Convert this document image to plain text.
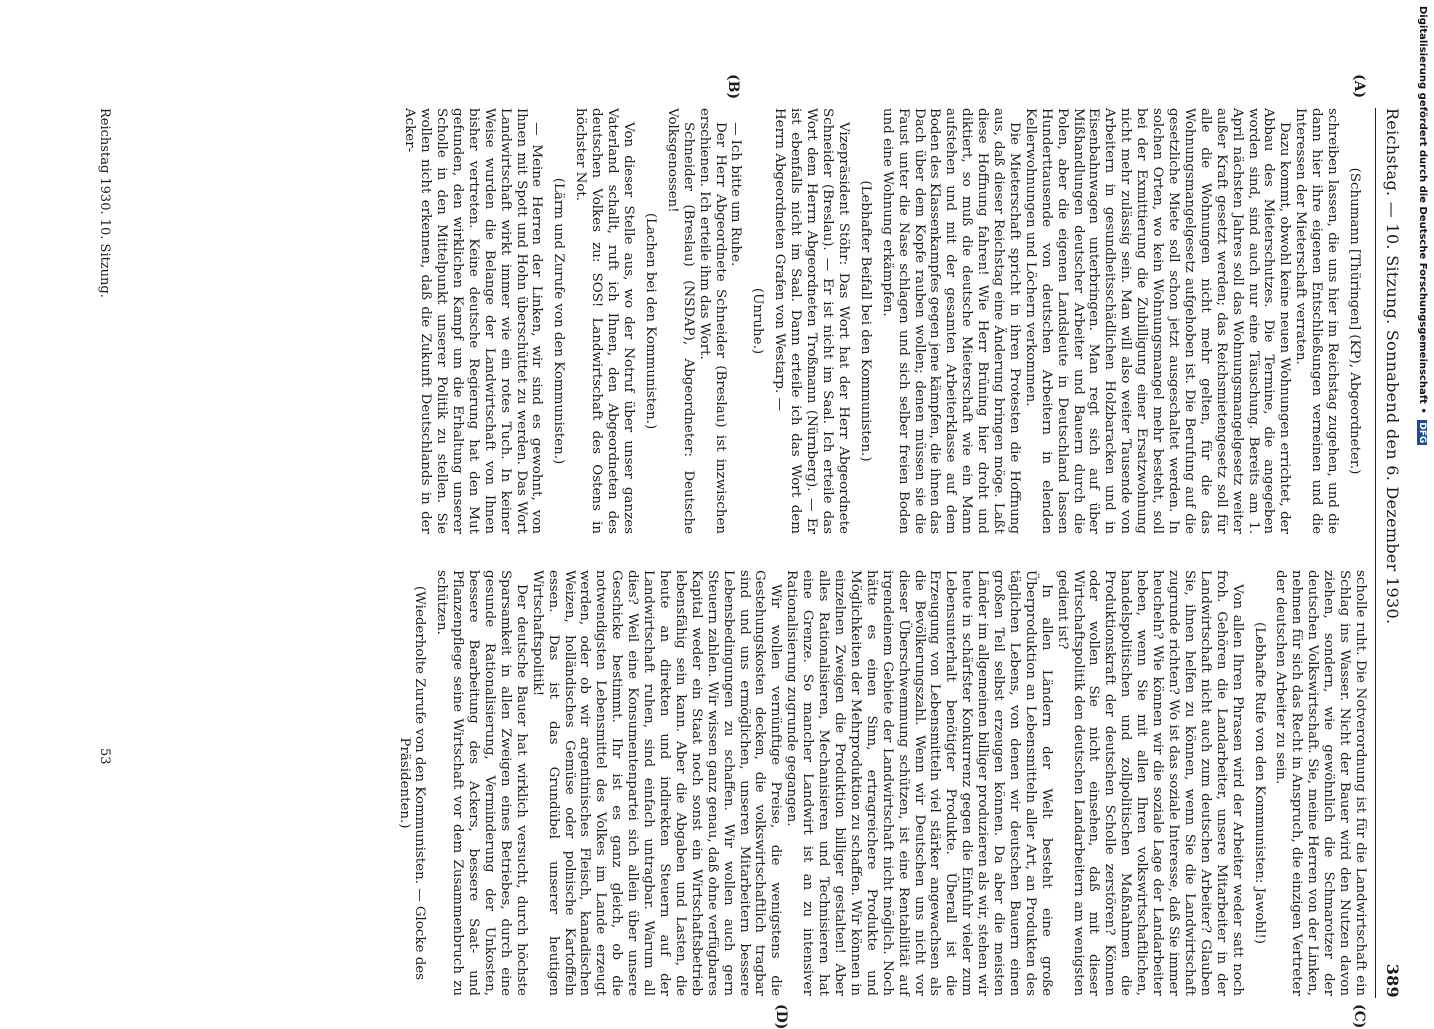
Reichstag. — 10. Sitzung. Sonnabend den 6. Dezember 1930.
389
(A)
(B)
(C)
(D)

(Schumann [Thüringen] (KP), Abgeordneter.)

schreiben lassen, die uns hier im Reichstag zugehen, und die dann hier ihre eigenen Entschließungen verneinen und die Interessen der Mieterschaft verraten.

Dazu kommt, obwohl keine neuen Wohnungen errichtet, der Abbau des Mieterschutzes. Die Termine, die angegeben worden sind, sind auch nur eine Täuschung. Bereits am 1. April nächsten Jahres soll das Wohnungsmangelgesetz weiter außer Kraft gesetzt werden; das Reichsmietengesetz soll für alle die Wohnungen nicht mehr gelten, für die das Wohnungsmangelgesetz aufgehoben ist. Die Berufung auf die gesetzliche Miete soll schon jetzt ausgeschaltet werden. In solchen Orten, wo kein Wohnungsmangel mehr besteht, soll bei der Exmittierung die Zubilligung einer Ersatzwohnung nicht mehr zulässig sein. Man will also weiter Tausende von Arbeitern in gesundheitsschädlichen Holzbaracken und in Eisenbahnwagen unterbringen. Man regt sich auf über Mißhandlungen deutscher Arbeiter und Bauern durch die Polen, aber die eigenen Landsleute in Deutschland lassen Hunderttausende von deutschen Arbeitern in elenden Kellerwohnungen und Löchern verkommen.

Die Mieterschaft spricht in ihren Protesten die Hoffnung aus, daß dieser Reichstag eine Änderung bringen möge. Laßt diese Hoffnung fahren! Wie Herr Brüning hier droht und diktiert, so muß die deutsche Mieterschaft wie ein Mann aufstehen und mit der gesamten Arbeiterklasse auf dem Boden des Klassenkampfes gegen jene kämpfen, die ihnen das Dach über dem Kopfe rauben wollen; denen müssen sie die Faust unter die Nase schlagen und sich selber freien Boden und eine Wohnung erkämpfen.

(Lebhafter Beifall bei den Kommunisten.)

Vizepräsident Stöhr: Das Wort hat der Herr Abgeordnete Schneider (Breslau). — Er ist nicht im Saal. Ich erteile das Wort dem Herrn Abgeordneten Troßmann (Nürnberg). — Er ist ebenfalls nicht im Saal. Dann erteile ich das Wort dem Herrn Abgeordneten Grafen von Westarp. —

(Unruhe.)

— Ich bitte um Ruhe.

Der Herr Abgeordnete Schneider (Breslau) ist inzwischen erschienen. Ich erteile ihm das Wort.

Schneider (Breslau) (NSDAP), Abgeordneter: Deutsche Volksgenossen!

(Lachen bei den Kommunisten.)

Von dieser Stelle aus, wo der Notruf über unser ganzes Vaterland schallt, ruft ich Ihnen, den Abgeordneten des deutschen Volkes zu: SOS! Landwirtschaft des Ostens in höchster Not.

(Lärm und Zurufe von den Kommunisten.)

— Meine Herren der Linken, wir sind es gewohnt, von Ihnen mit Spott und Hohn überschüttet zu werden. Das Wort Landwirtschaft wirkt immer wie ein rotes Tuch. In keiner Weise wurden die Belange der Landwirtschaft von Ihnen bisher vertreten. Keine deutsche Regierung hat den Mut gefunden, den wirklichen Kampf um die Erhaltung unserer Scholle in den Mittelpunkt unserer Politik zu stellen. Sie wollen nicht erkennen, daß die Zukunft Deutschlands in der Acker-

scholle ruht. Die Notverordnung ist für die Landwirtschaft ein Schlag ins Wasser. Nicht der Bauer wird den Nutzen davon ziehen, sondern, wie gewöhnlich die Schmarotzer der deutschen Volkswirtschaft. Sie, meine Herren von der Linken, nehmen für sich das Recht in Anspruch, die einzigen Vertreter der deutschen Arbeiter zu sein.

(Lebhafte Rufe von den Kommunisten: Jawohl!)

Von allen Ihren Phrasen wird der Arbeiter weder satt noch froh. Gehören die Landarbeiter, unsere Mitarbeiter in der Landwirtschaft nicht auch zum deutschen Arbeiter? Glauben Sie, ihnen helfen zu können, wenn Sie die Landwirtschaft zugrunde richten? Wo ist das soziale Interesse, daß Sie immer heucheln? Wie können wir die soziale Lage der Landarbeiter heben, wenn Sie mit allen Ihren volkswirtschaftlichen, handelspolitischen und zollpolitischen Maßnahmen die Produktionskraft der deutschen Scholle zerstören? Können oder wollen Sie nicht einsehen, daß mit dieser Wirtschaftspolitik den deutschen Landarbeitern am wenigsten gedient ist?

In allen Ländern der Welt besteht eine große Überproduktion an Lebensmitteln aller Art, an Produkten des täglichen Lebens, von denen wir deutschen Bauern einen großen Teil selbst erzeugen können. Da aber die meisten Länder im allgemeinen billiger produzieren als wir, stehen wir heute in schärfster Konkurrenz gegen die Einfuhr vieler zum Lebensunterhalt benötigter Produkte. Überall ist die Erzeugung von Lebensmitteln viel stärker angewachsen als die Bevölkerungszahl. Wenn wir Deutschen uns nicht vor dieser Überschwemmung schützen, ist eine Rentabilität auf irgendeinem Gebiete der Landwirtschaft nicht möglich. Noch hätte es einen Sinn, ertragreichere Produkte und Möglichkeiten der Mehrproduktion zu schaffen. Wir können in einzelnen Zweigen die Produktion billiger gestalten! Aber alles Rationalisieren, Mechanisieren und Technisieren hat eine Grenze. So mancher Landwirt ist an zu intensiver Rationalisierung zugrunde gegangen.

Wir wollen vernünftige Preise, die wenigstens die Gestehungskosten decken, die volkswirtschaftlich tragbar sind und uns ermöglichen, unseren Mitarbeitern bessere Lebensbedingungen zu schaffen. Wir wollen auch gern Steuern zahlen. Wir wissen ganz genau, daß ohne verfügbares Kapital weder ein Staat noch sonst ein Wirtschaftsbetrieb lebensfähig sein kann. Aber die Abgaben und Lasten, die heute an direkten und indirekten Steuern auf der Landwirtschaft ruhen, sind einfach untragbar. Warum all dies? Weil eine Konsumentenpartei sich allein über unsere Geschicke bestimmt. Ihr ist es ganz gleich, ob die notwendigsten Lebensmittel des Volkes im Lande erzeugt werden, oder ob wir argentinisches Fleisch, kanadischen Weizen, holländisches Gemüse oder polnische Kartoffeln essen. Das ist das Grundübel unserer heutigen Wirtschaftspolitik!

Der deutsche Bauer hat wirklich versucht, durch höchste Sparsamkeit in allen Zweigen eines Betriebes, durch eine gesunde Rationalisierung, Verminderung der Unkosten, bessere Bearbeitung des Ackers, bessere Saat- und Pflanzenpflege seine Wirtschaft vor dem Zusammenbruch zu schützen.

(Wiederholte Zurufe von den Kommunisten. — Glocke des Präsidenten.)

Reichstag 1930. 10. Sitzung.
53
Digitalisierung gefördert durch die Deutsche Forschungsgemeinschaft • DFG
